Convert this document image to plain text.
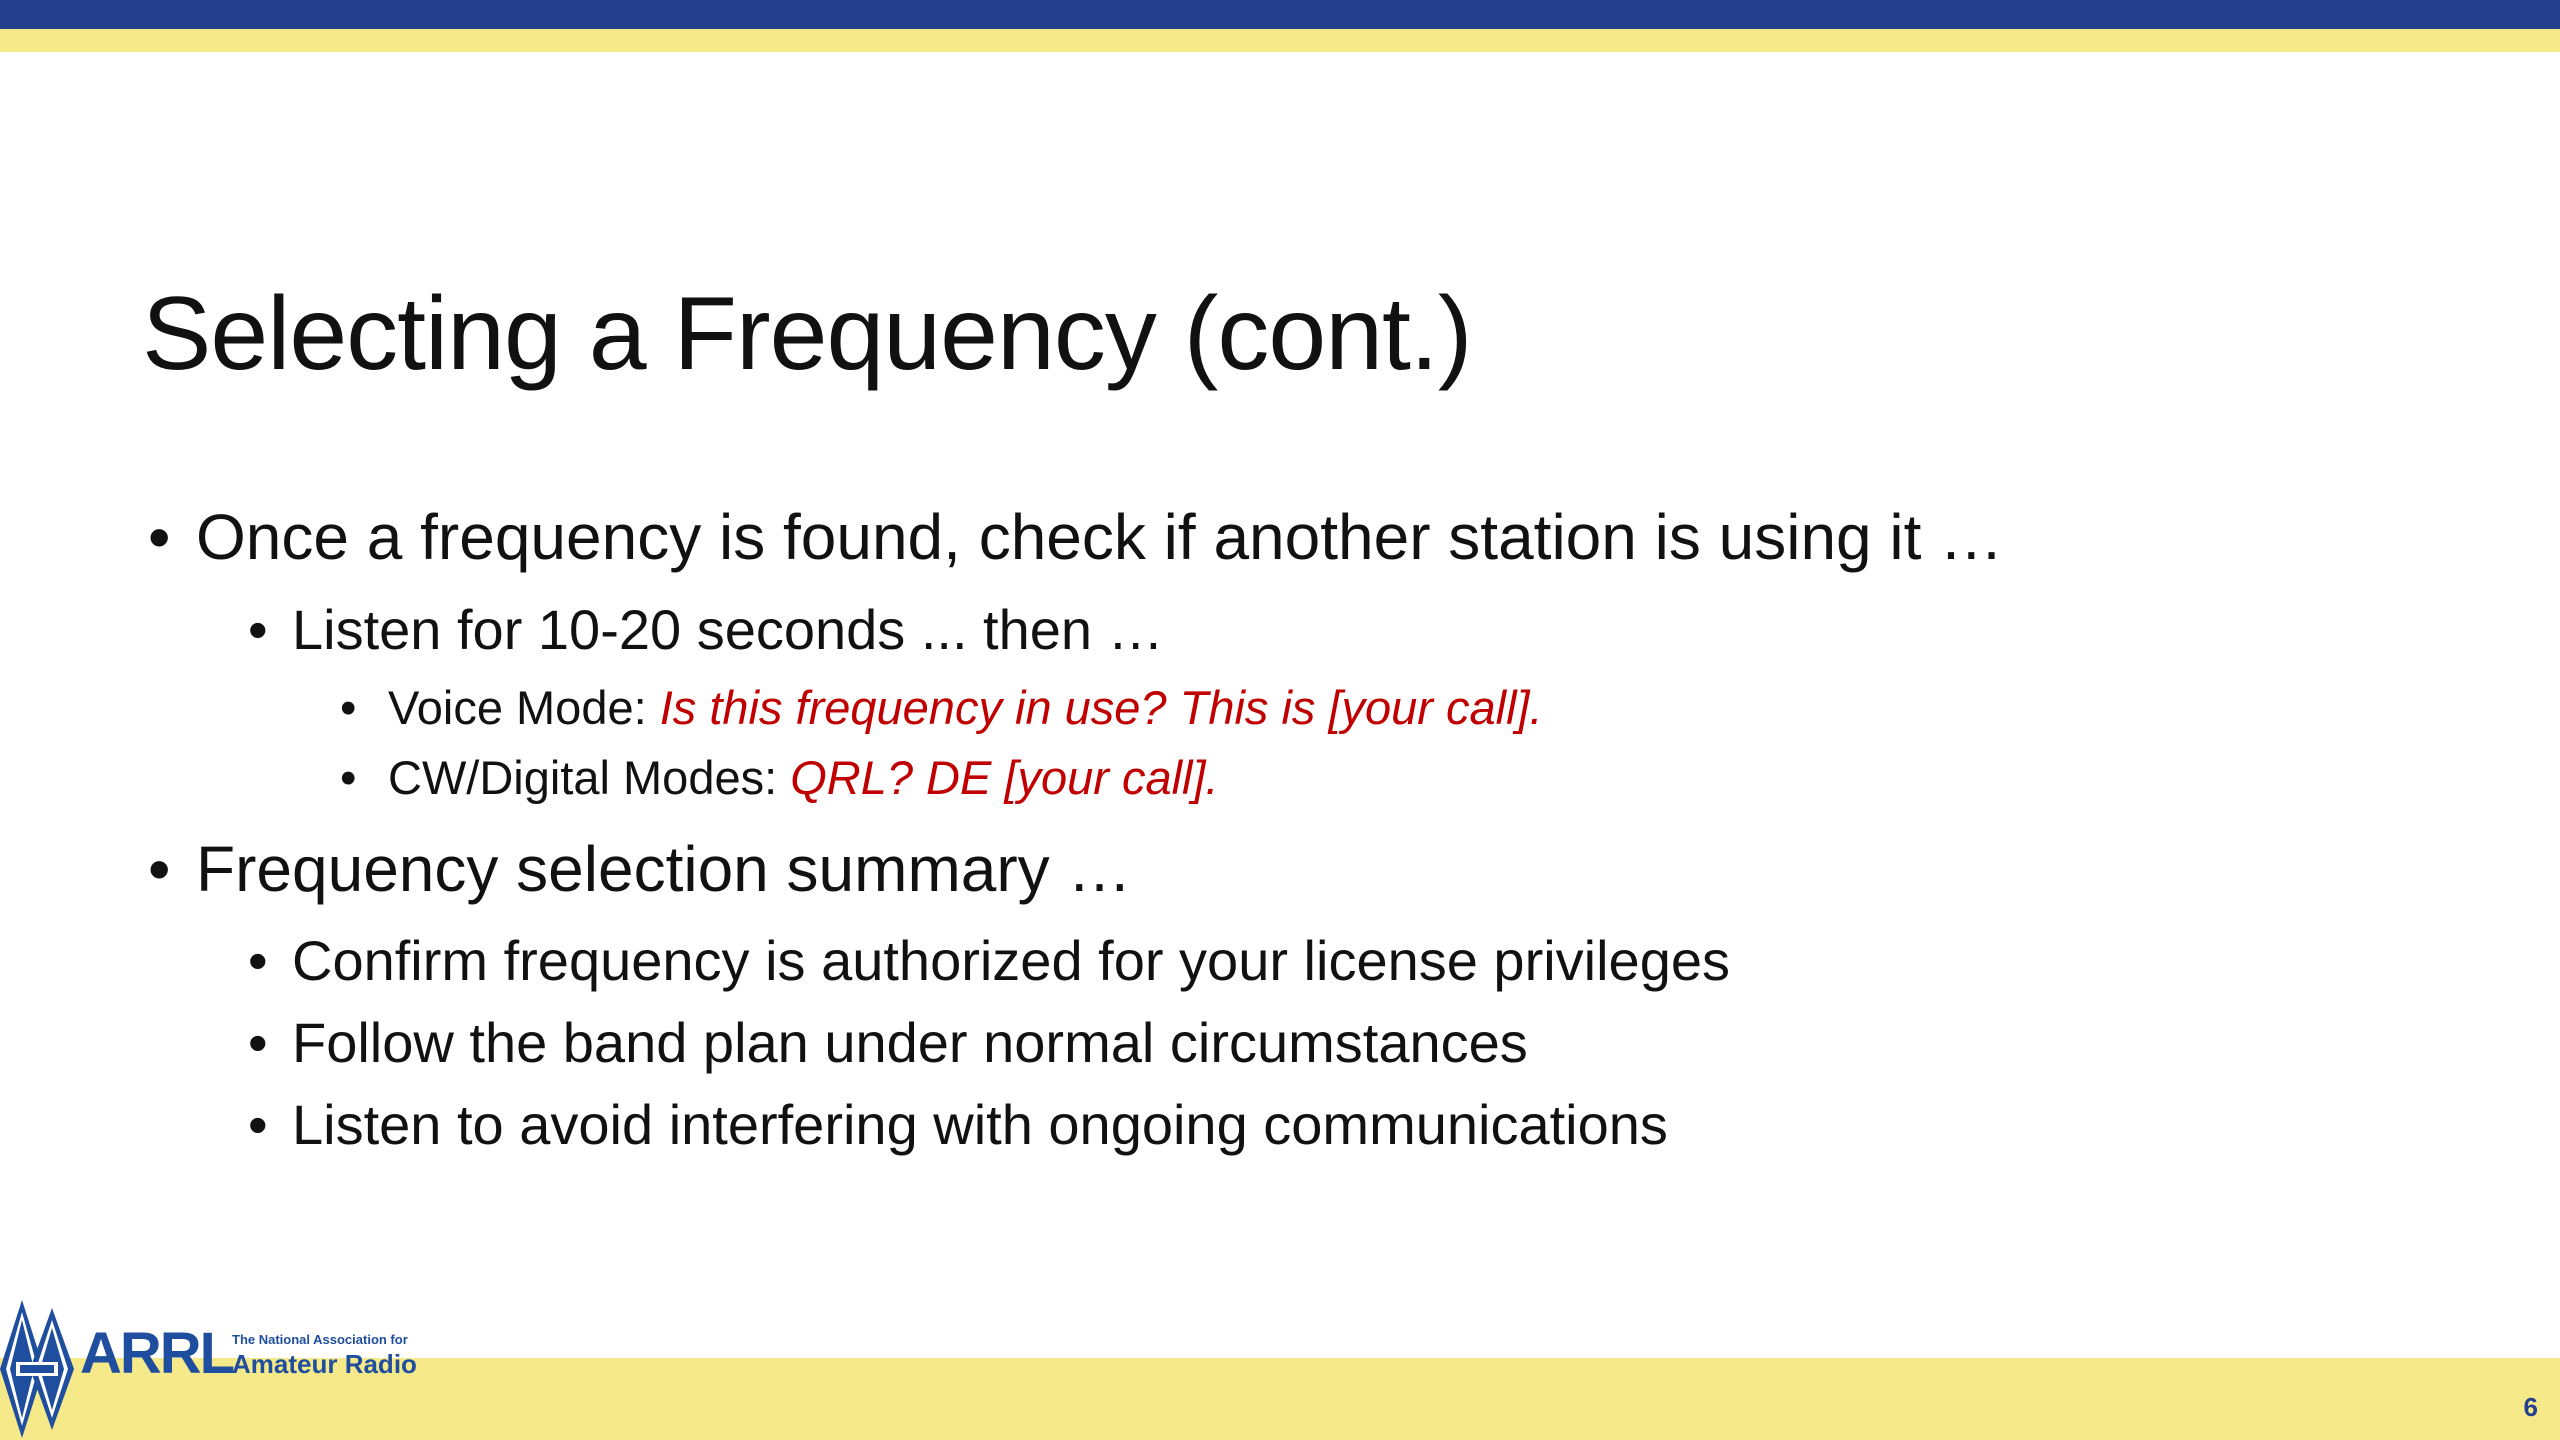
Selecting a Frequency (cont.)
• Once a frequency is found, check if another station is using it …
• Listen for 10-20 seconds ... then …
• Voice Mode: Is this frequency in use? This is [your call].
• CW/Digital Modes: QRL? DE [your call].
• Frequency selection summary …
• Confirm frequency is authorized for your license privileges
• Follow the band plan under normal circumstances
• Listen to avoid interfering with ongoing communications
ARRL
The National Association for
Amateur Radio
6
